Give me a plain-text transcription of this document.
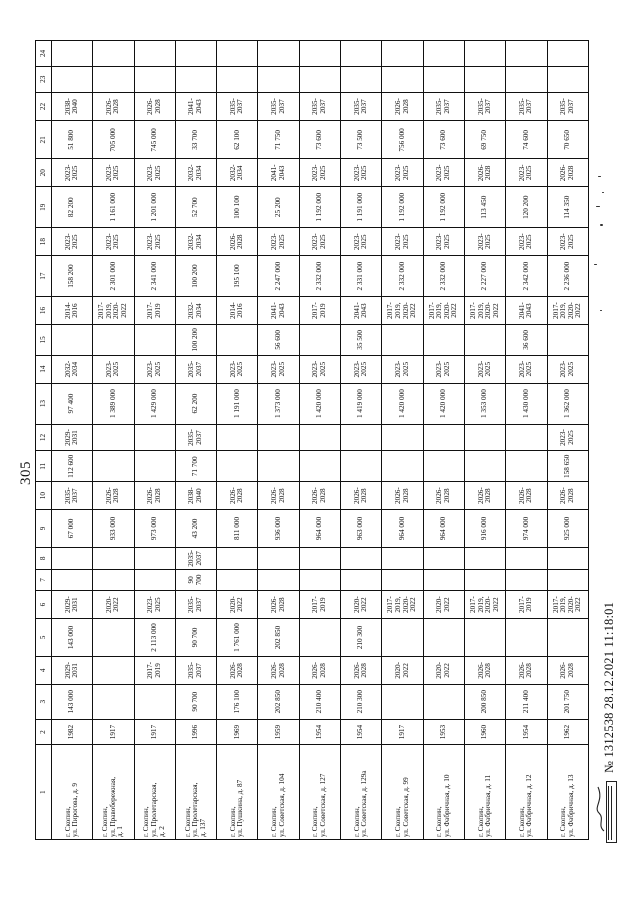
305
1	2	3	4	5	6	7	8	9	10	11	12	13	14	15	16	17	18	19	20	21	22	23	24
г. Скопин,
ул. Пирогова, д. 9	1982	143 000	2029-
2031	143 000	2029-
2031			67 000	2035-
2037	112 600	2029-
2031	97 400	2032-
2034		2014-
2016	158 200	2023-
2025	82 200	2023-
2025	51 800	2038-
2040		
г. Скопин,
ул. Правобережная,
д. 1	1917				2020-
2022			933 000	2026-
2028			1 389 000	2023-
2025		2017-
2019,
2020-
2022	2 301 000	2023-
2025	1 161 000	2023-
2025	705 000	2026-
2028		
г. Скопин,
ул. Пролетарская,
д. 2	1917		2017-
2019	2 113 000	2023-
2025			973 000	2026-
2028			1 429 000	2023-
2025		2017-
2019	2 341 000	2023-
2025	1 201 000	2023-
2025	745 000	2026-
2028		
г. Скопин,
ул. Пролетарская,
д. 137	1996	90 700	2035-
2037	90 700	2035-
2037	90 700	2035-
2037	43 200	2038-
2040	71 700	2035-
2037	62 200	2035-
2037	100 200	2032-
2034	100 200	2032-
2034	52 700	2032-
2034	33 700	2041-
2043		
г. Скопин,
ул. Пушкина, д. 87	1969	176 100	2026-
2028	1 761 000	2020-
2022			811 000	2026-
2028			1 191 000	2023-
2025		2014-
2016	195 100	2026-
2028	100 100	2032-
2034	62 100	2035-
2037		
г. Скопин,
ул. Советская, д. 104	1959	202 850	2026-
2028	202 850	2026-
2028			936 000	2026-
2028			1 373 000	2023-
2025	56 600	2041-
2043	2 247 000	2023-
2025	25 200	2041-
2043	71 750	2035-
2037		
г. Скопин,
ул. Советская, д. 127	1954	210 400	2026-
2028		2017-
2019			964 000	2026-
2028			1 420 000	2023-
2025		2017-
2019	2 332 000	2023-
2025	1 192 000	2023-
2025	73 600	2035-
2037		
г. Скопин,
ул. Советская, д. 129а	1954	210 300	2026-
2028	210 300	2020-
2022			963 000	2026-
2028			1 419 000	2023-
2025	35 500	2041-
2043	2 331 000	2023-
2025	1 191 000	2023-
2025	73 500	2035-
2037		
г. Скопин,
ул. Советская, д. 99	1917		2020-
2022		2017-
2019,
2020-
2022			964 000	2026-
2028			1 420 000	2023-
2025		2017-
2019,
2020-
2022	2 332 000	2023-
2025	1 192 000	2023-
2025	756 000	2026-
2028		
г. Скопин,
ул. Фабричная, д. 10	1953		2020-
2022		2020-
2022			964 000	2026-
2028			1 420 000	2023-
2025		2017-
2019,
2020-
2022	2 332 000	2023-
2025	1 192 000	2023-
2025	73 600	2035-
2037		
г. Скопин,
ул. Фабричная, д. 11	1960	200 850	2026-
2028		2017-
2019,
2020-
2022			916 000	2026-
2028			1 353 000	2023-
2025		2017-
2019,
2020-
2022	2 227 000	2023-
2025	113 450	2026-
2028	69 750	2035-
2037		
г. Скопин,
ул. Фабричная, д. 12	1954	211 400	2026-
2028		2017-
2019			974 000	2026-
2028			1 430 000	2023-
2025	36 600	2041-
2043	2 342 000	2023-
2025	120 200	2023-
2025	74 600	2035-
2037		
г. Скопин,
ул. Фабричная, д. 13	1962	201 750	2026-
2028		2017-
2019,
2020-
2022			925 000	2026-
2028	158 650	2023-
2025	1 362 000	2023-
2025		2017-
2019,
2020-
2022	2 236 000	2023-
2025	114 350	2026-
2028	70 650	2035-
2037		
№ 1312538 28.12.2021 11:18:01
